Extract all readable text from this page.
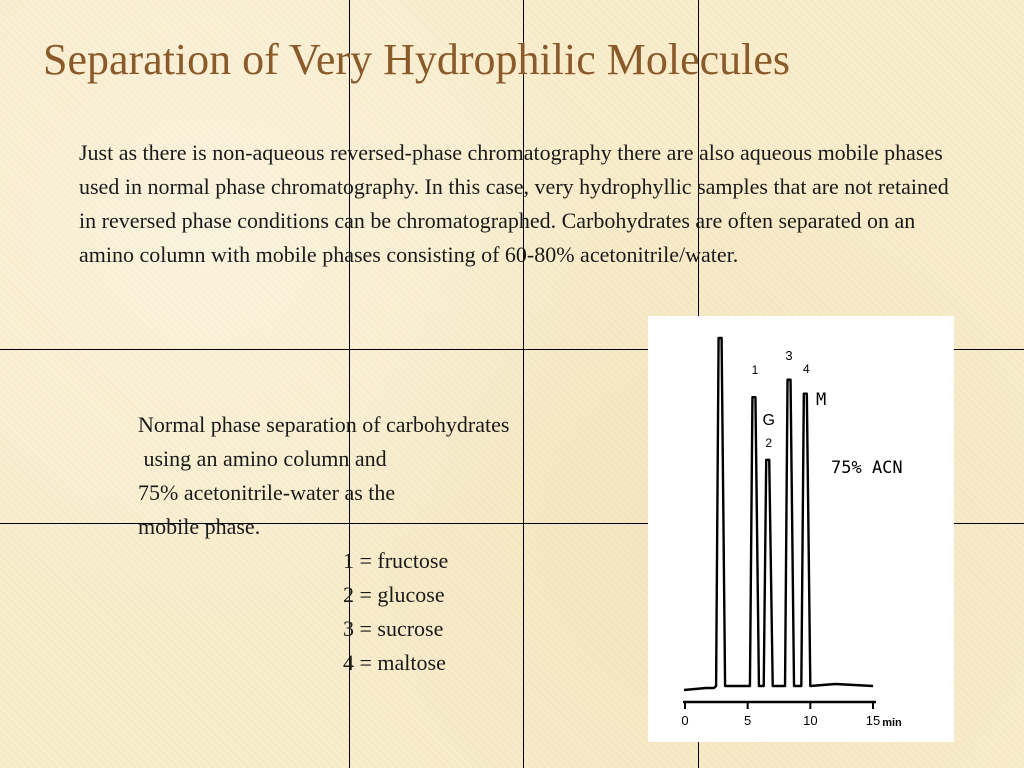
Separation of Very Hydrophilic Molecules

Just as there is non-aqueous reversed-phase chromatography there are also aqueous mobile phases used in normal phase chromatography. In this case, very hydrophyllic samples that are not retained in reversed phase conditions can be chromatographed. Carbohydrates are often separated on an amino column with mobile phases consisting of 60-80% acetonitrile/water.

Normal phase separation of carbohydrates
using an amino column and
75% acetonitrile-water as the
mobile phase.

1 = fructose
2 = glucose
3 = sucrose
4 = maltose
0	5	10	15 min
1
G
2
3
4
M
75% ACN
